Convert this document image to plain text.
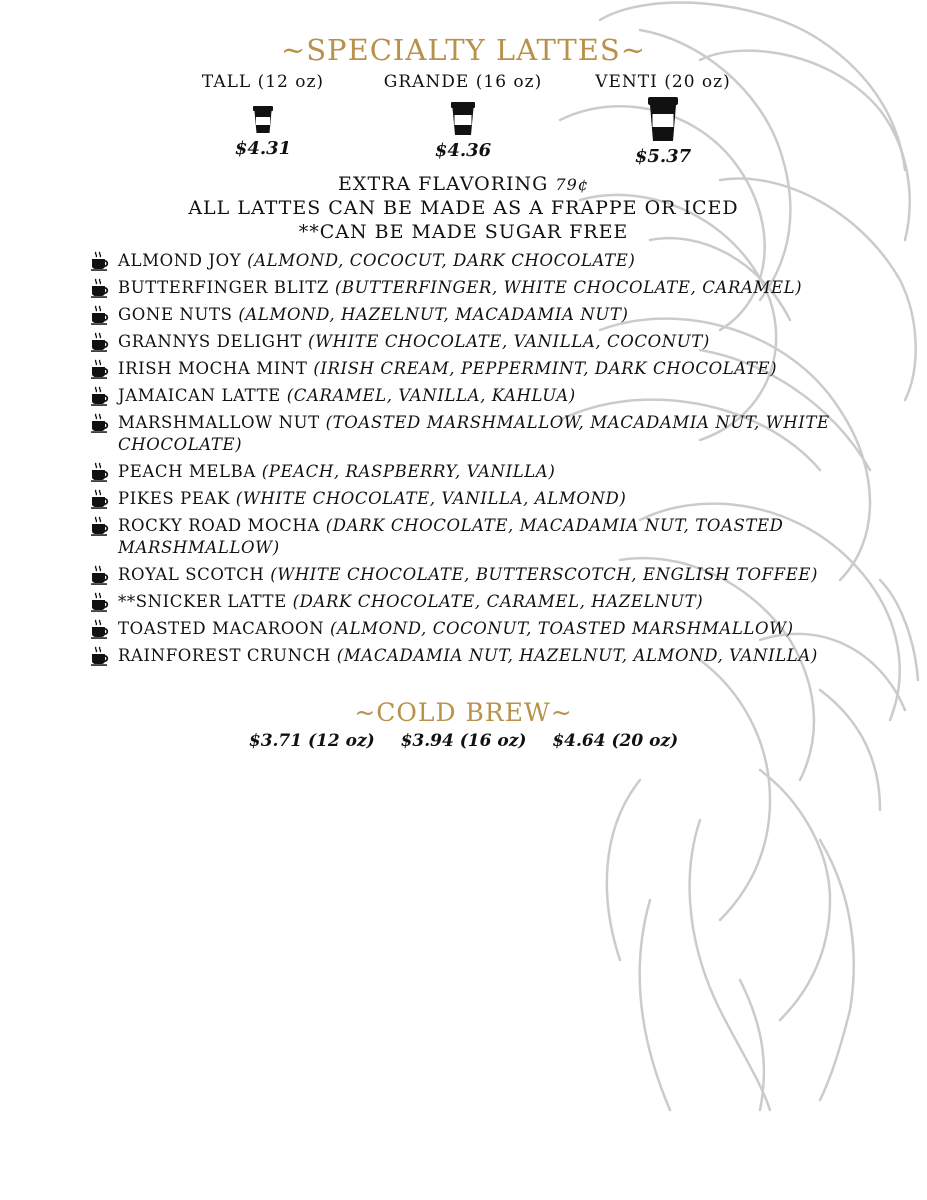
~SPECIALTY LATTES~
TALL (12 oz)
$4.31
GRANDE (16 oz)
$4.36
VENTI (20 oz)
$5.37
EXTRA FLAVORING 79¢
ALL LATTES CAN BE MADE AS A FRAPPE OR ICED
**CAN BE MADE SUGAR FREE
ALMOND JOY (ALMOND, COCOCUT, DARK CHOCOLATE)
BUTTERFINGER BLITZ (BUTTERFINGER, WHITE CHOCOLATE, CARAMEL)
GONE NUTS (ALMOND, HAZELNUT, MACADAMIA NUT)
GRANNYS DELIGHT (WHITE CHOCOLATE, VANILLA, COCONUT)
IRISH MOCHA MINT (IRISH CREAM, PEPPERMINT, DARK CHOCOLATE)
JAMAICAN LATTE (CARAMEL, VANILLA, KAHLUA)
MARSHMALLOW NUT (TOASTED MARSHMALLOW, MACADAMIA NUT, WHITE CHOCOLATE)
PEACH MELBA (PEACH, RASPBERRY, VANILLA)
PIKES PEAK (WHITE CHOCOLATE, VANILLA, ALMOND)
ROCKY ROAD MOCHA (DARK CHOCOLATE, MACADAMIA NUT, TOASTED MARSHMALLOW)
ROYAL SCOTCH (WHITE CHOCOLATE, BUTTERSCOTCH, ENGLISH TOFFEE)
**SNICKER LATTE (DARK CHOCOLATE, CARAMEL, HAZELNUT)
TOASTED MACAROON (ALMOND, COCONUT, TOASTED MARSHMALLOW)
RAINFOREST CRUNCH (MACADAMIA NUT, HAZELNUT, ALMOND, VANILLA)
~COLD BREW~
$3.71 (12 oz) $3.94 (16 oz) $4.64 (20 oz)
